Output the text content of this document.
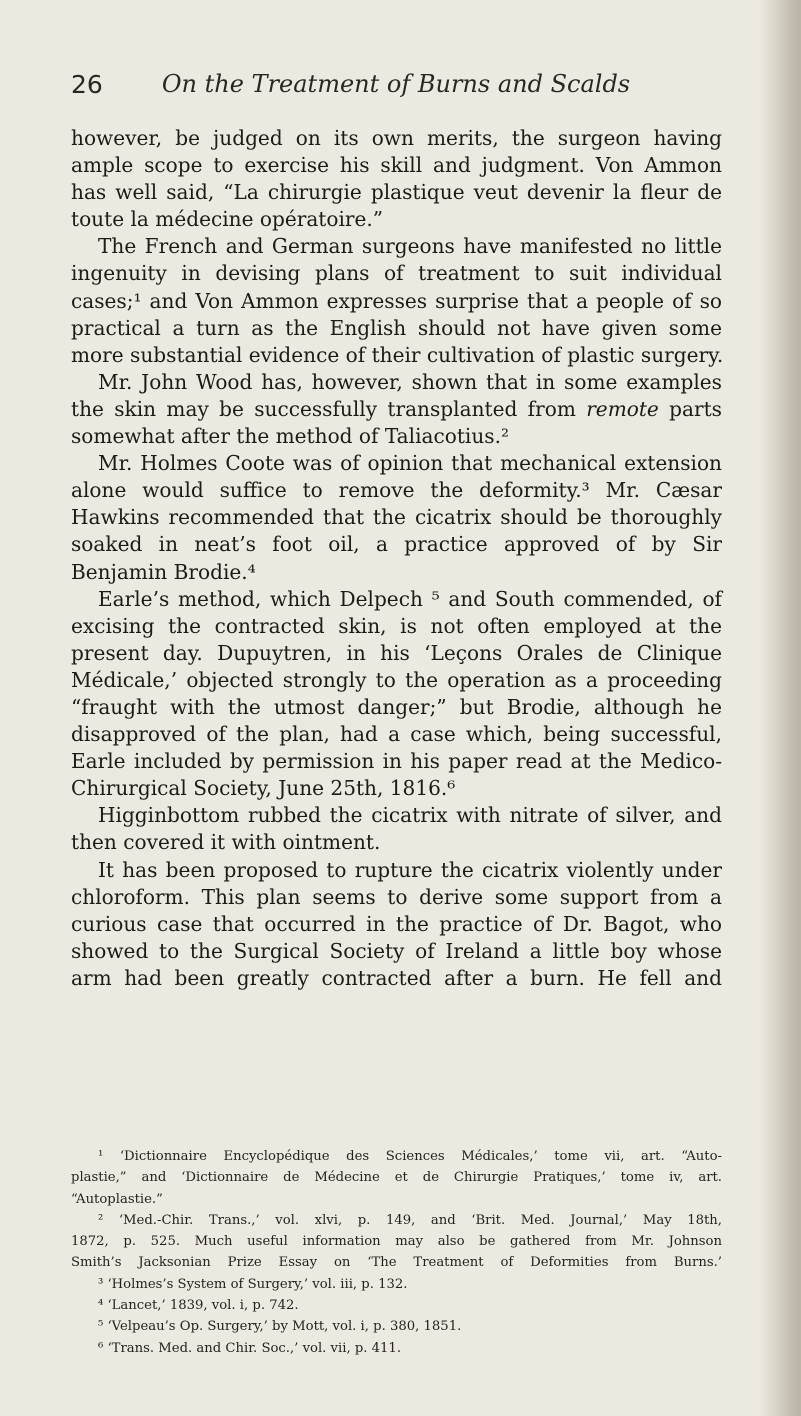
26	On the Treatment of Burns and Scalds
however, be judged on its own merits, the surgeon having
ample scope to exercise his skill and judgment. Von Ammon
has well said, “La chirurgie plastique veut devenir la fleur de
toute la médecine opératoire.”
The French and German surgeons have manifested no little
ingenuity in devising plans of treatment to suit individual
cases;¹ and Von Ammon expresses surprise that a people of so
practical a turn as the English should not have given some
more substantial evidence of their cultivation of plastic surgery.
Mr. John Wood has, however, shown that in some examples
the skin may be successfully transplanted from remote parts
somewhat after the method of Taliacotius.²
Mr. Holmes Coote was of opinion that mechanical extension
alone would suffice to remove the deformity.³ Mr. Cæsar
Hawkins recommended that the cicatrix should be thoroughly
soaked in neat’s foot oil, a practice approved of by Sir
Benjamin Brodie.⁴
Earle’s method, which Delpech ⁵ and South commended, of
excising the contracted skin, is not often employed at the
present day. Dupuytren, in his ‘Leçons Orales de Clinique
Médicale,’ objected strongly to the operation as a proceeding
“fraught with the utmost danger;” but Brodie, although he
disapproved of the plan, had a case which, being successful,
Earle included by permission in his paper read at the Medico-
Chirurgical Society, June 25th, 1816.⁶
Higginbottom rubbed the cicatrix with nitrate of silver, and
then covered it with ointment.
It has been proposed to rupture the cicatrix violently under
chloroform. This plan seems to derive some support from a
curious case that occurred in the practice of Dr. Bagot, who
showed to the Surgical Society of Ireland a little boy whose
arm had been greatly contracted after a burn. He fell and
¹ ‘Dictionnaire Encyclopédique des Sciences Médicales,’ tome vii, art. “Auto-
plastie,” and ‘Dictionnaire de Médecine et de Chirurgie Pratiques,’ tome iv, art.
“Autoplastie.”
² ‘Med.-Chir. Trans.,’ vol. xlvi, p. 149, and ‘Brit. Med. Journal,’ May 18th,
1872, p. 525. Much useful information may also be gathered from Mr. Johnson
Smith’s Jacksonian Prize Essay on ‘The Treatment of Deformities from Burns.’
³ ‘Holmes’s System of Surgery,’ vol. iii, p. 132.
⁴ ‘Lancet,’ 1839, vol. i, p. 742.
⁵ ‘Velpeau’s Op. Surgery,’ by Mott, vol. i, p. 380, 1851.
⁶ ‘Trans. Med. and Chir. Soc.,’ vol. vii, p. 411.
